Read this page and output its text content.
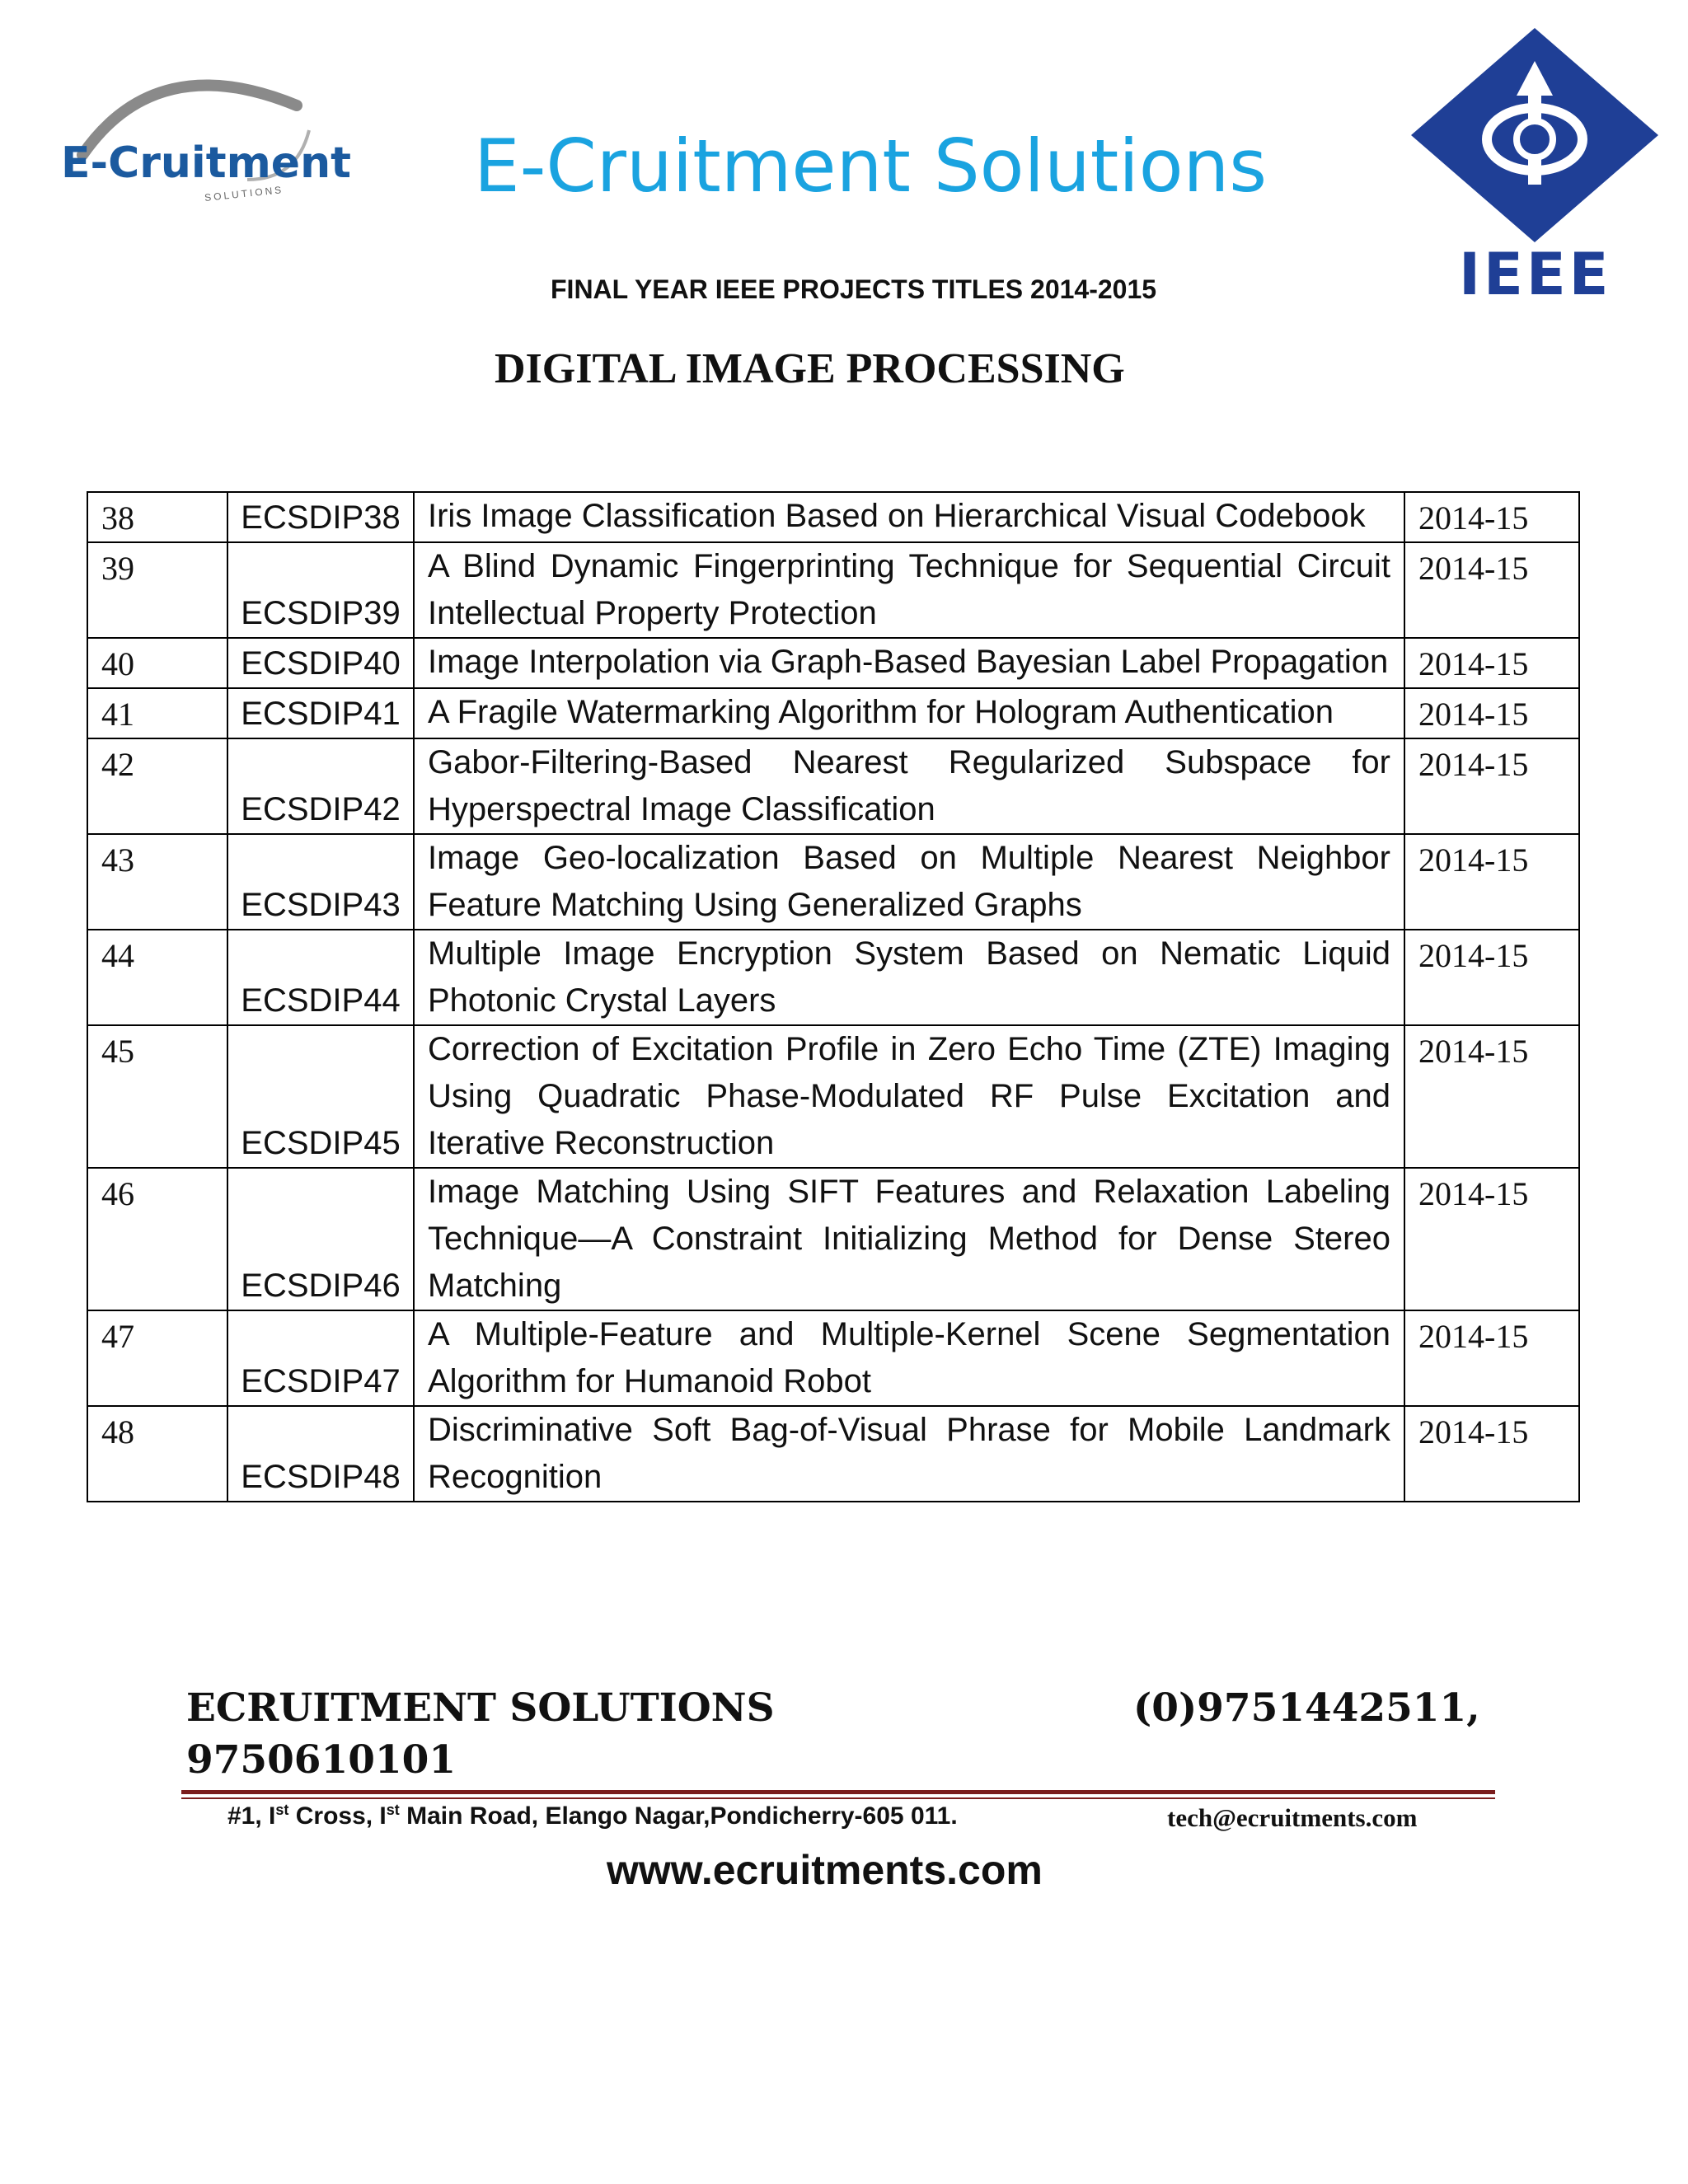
E-Cruitment
SOLUTIONS	E-Cruitment Solutions
IEEE
FINAL YEAR IEEE PROJECTS TITLES 2014-2015
DIGITAL IMAGE PROCESSING
38	ECSDIP38	Iris Image Classification Based on Hierarchical Visual Codebook	2014-15
39	ECSDIP39	A Blind Dynamic Fingerprinting Technique for Sequential Circuit Intellectual Property Protection	2014-15
40	ECSDIP40	Image Interpolation via Graph-Based Bayesian Label Propagation	2014-15
41	ECSDIP41	A Fragile Watermarking Algorithm for Hologram Authentication	2014-15
42	ECSDIP42	Gabor-Filtering-Based Nearest Regularized Subspace for Hyperspectral Image Classification	2014-15
43	ECSDIP43	Image Geo-localization Based on Multiple Nearest Neighbor Feature Matching Using Generalized Graphs	2014-15
44	ECSDIP44	Multiple Image Encryption System Based on Nematic Liquid Photonic Crystal Layers	2014-15
45	ECSDIP45	Correction of Excitation Profile in Zero Echo Time (ZTE) Imaging Using Quadratic Phase-Modulated RF Pulse Excitation and Iterative Reconstruction	2014-15
46	ECSDIP46	Image Matching Using SIFT Features and Relaxation Labeling Technique—A Constraint Initializing Method for Dense Stereo Matching	2014-15
47	ECSDIP47	A Multiple-Feature and Multiple-Kernel Scene Segmentation Algorithm for Humanoid Robot	2014-15
48	ECSDIP48	Discriminative Soft Bag-of-Visual Phrase for Mobile Landmark Recognition	2014-15
ECRUITMENT SOLUTIONS	(0)9751442511,
9750610101
#1, Ist Cross, Ist Main Road, Elango Nagar,Pondicherry-605 011.	tech@ecruitments.com
www.ecruitments.com
